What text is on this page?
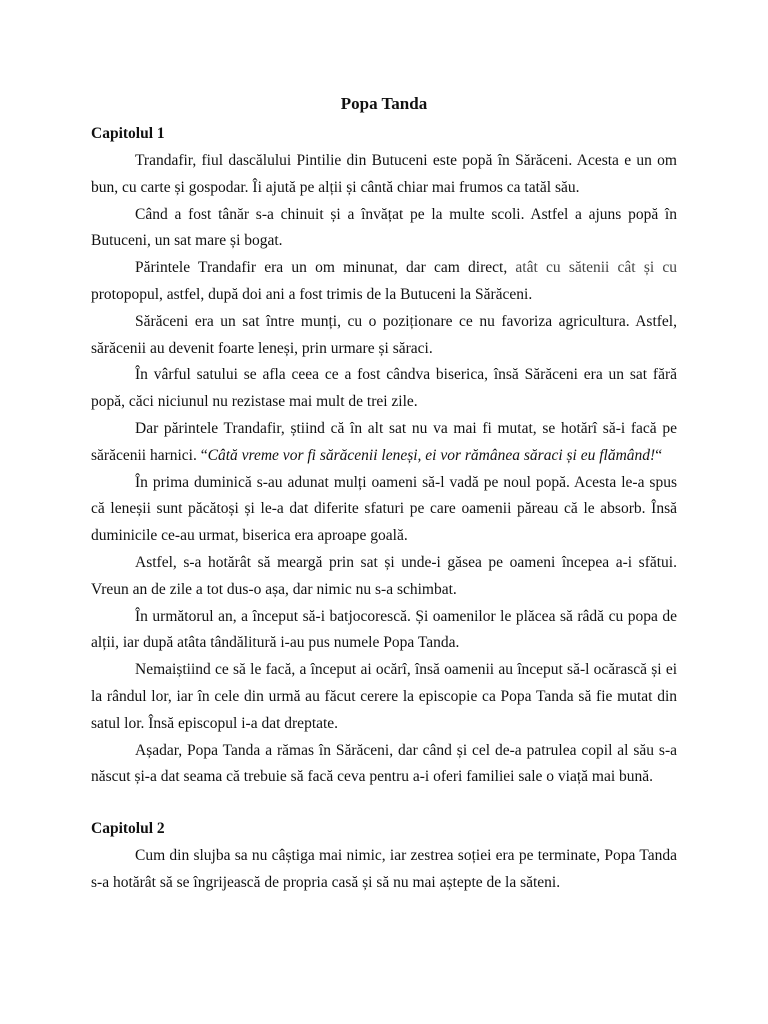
Popa Tanda
Capitolul 1

Trandafir, fiul dascălului Pintilie din Butuceni este popă în Sărăceni. Acesta e un om bun, cu carte și gospodar. Îi ajută pe alții și cântă chiar mai frumos ca tatăl său.

Când a fost tânăr s-a chinuit și a învățat pe la multe scoli. Astfel a ajuns popă în Butuceni, un sat mare și bogat.

Părintele Trandafir era un om minunat, dar cam direct, atât cu sătenii cât și cu protopopul, astfel, după doi ani a fost trimis de la Butuceni la Sărăceni.

Sărăceni era un sat între munți, cu o poziționare ce nu favoriza agricultura. Astfel, sărăcenii au devenit foarte leneși, prin urmare și săraci.

În vârful satului se afla ceea ce a fost cândva biserica, însă Sărăceni era un sat fără popă, căci niciunul nu rezistase mai mult de trei zile.

Dar părintele Trandafir, știind că în alt sat nu va mai fi mutat, se hotărî să-i facă pe sărăcenii harnici. “Câtă vreme vor fi sărăcenii leneși, ei vor rămânea săraci și eu flămând!“

În prima duminică s-au adunat mulți oameni să-l vadă pe noul popă. Acesta le-a spus că leneșii sunt păcătoși și le-a dat diferite sfaturi pe care oamenii păreau că le absorb. Însă duminicile ce-au urmat, biserica era aproape goală.

Astfel, s-a hotărât să meargă prin sat și unde-i găsea pe oameni începea a-i sfătui. Vreun an de zile a tot dus-o așa, dar nimic nu s-a schimbat.

În următorul an, a început să-i batjocorescă. Și oamenilor le plăcea să râdă cu popa de alții, iar după atâta tândălitură i-au pus numele Popa Tanda.

Nemaiștiind ce să le facă, a început ai ocărî, însă oamenii au început să-l ocărască și ei la rândul lor, iar în cele din urmă au făcut cerere la episcopie ca Popa Tanda să fie mutat din satul lor. Însă episcopul i-a dat dreptate.

Așadar, Popa Tanda a rămas în Sărăceni, dar când și cel de-a patrulea copil al său s-a născut și-a dat seama că trebuie să facă ceva pentru a-i oferi familiei sale o viață mai bună.

Capitolul 2

Cum din slujba sa nu câștiga mai nimic, iar zestrea soției era pe terminate, Popa Tanda s-a hotărât să se îngrijească de propria casă și să nu mai aștepte de la săteni.
